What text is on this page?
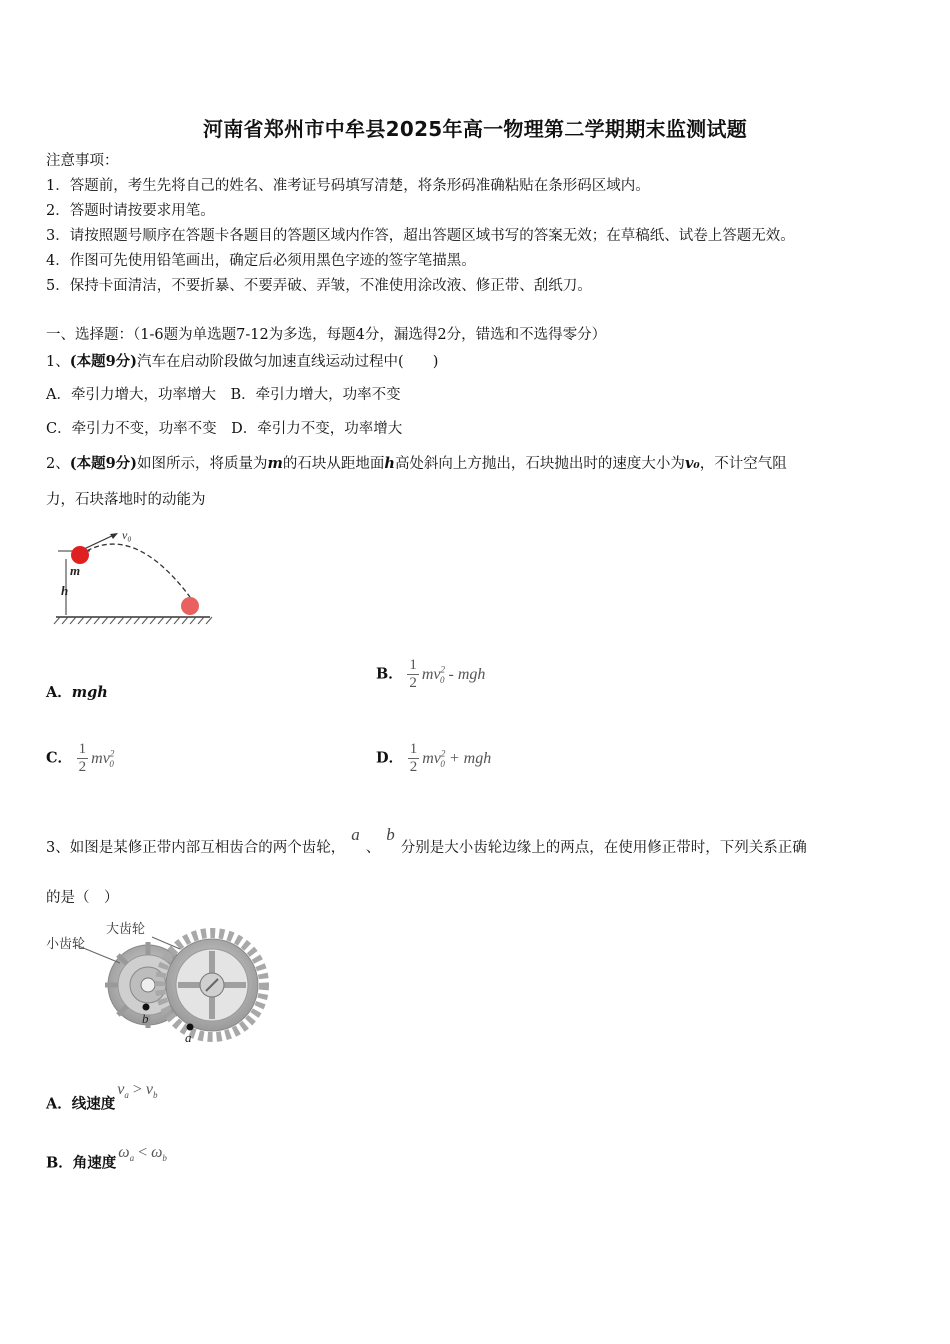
河南省郑州市中牟县2025年高一物理第二学期期末监测试题
注意事项：
1．答题前，考生先将自己的姓名、准考证号码填写清楚，将条形码准确粘贴在条形码区域内。
2．答题时请按要求用笔。
3．请按照题号顺序在答题卡各题目的答题区域内作答，超出答题区域书写的答案无效；在草稿纸、试卷上答题无效。
4．作图可先使用铅笔画出，确定后必须用黑色字迹的签字笔描黑。
5．保持卡面清洁，不要折暴、不要弄破、弄皱，不准使用涂改液、修正带、刮纸刀。
一、选择题：（1-6题为单选题7-12为多选，每题4分，漏选得2分，错选和不选得零分）
1、(本题9分)汽车在启动阶段做匀加速直线运动过程中(　　)
A．牵引力增大，功率增大　B．牵引力增大，功率不变
C．牵引力不变，功率不变　D．牵引力不变，功率增大
2、(本题9分)如图所示，将质量为m的石块从距地面h高处斜向上方抛出，石块抛出时的速度大小为v₀，不计空气阻
力，石块落地时的动能为
v₀
m
h
A．mgh
B． $\frac{1}{2} mv^2_0$ - mgh
C． $\frac{1}{2} mv^2_0$	D． $\frac{1}{2} mv^2_0$ + mgh
3、如图是某修正带内部互相齿合的两个齿轮，a、b分别是大小齿轮边缘上的两点，在使用修正带时，下列关系正确
的是（　）
小齿轮
大齿轮
a
b
A．线速度$v_a > v_b$
B．角速度$\omega_a < \omega_b$
